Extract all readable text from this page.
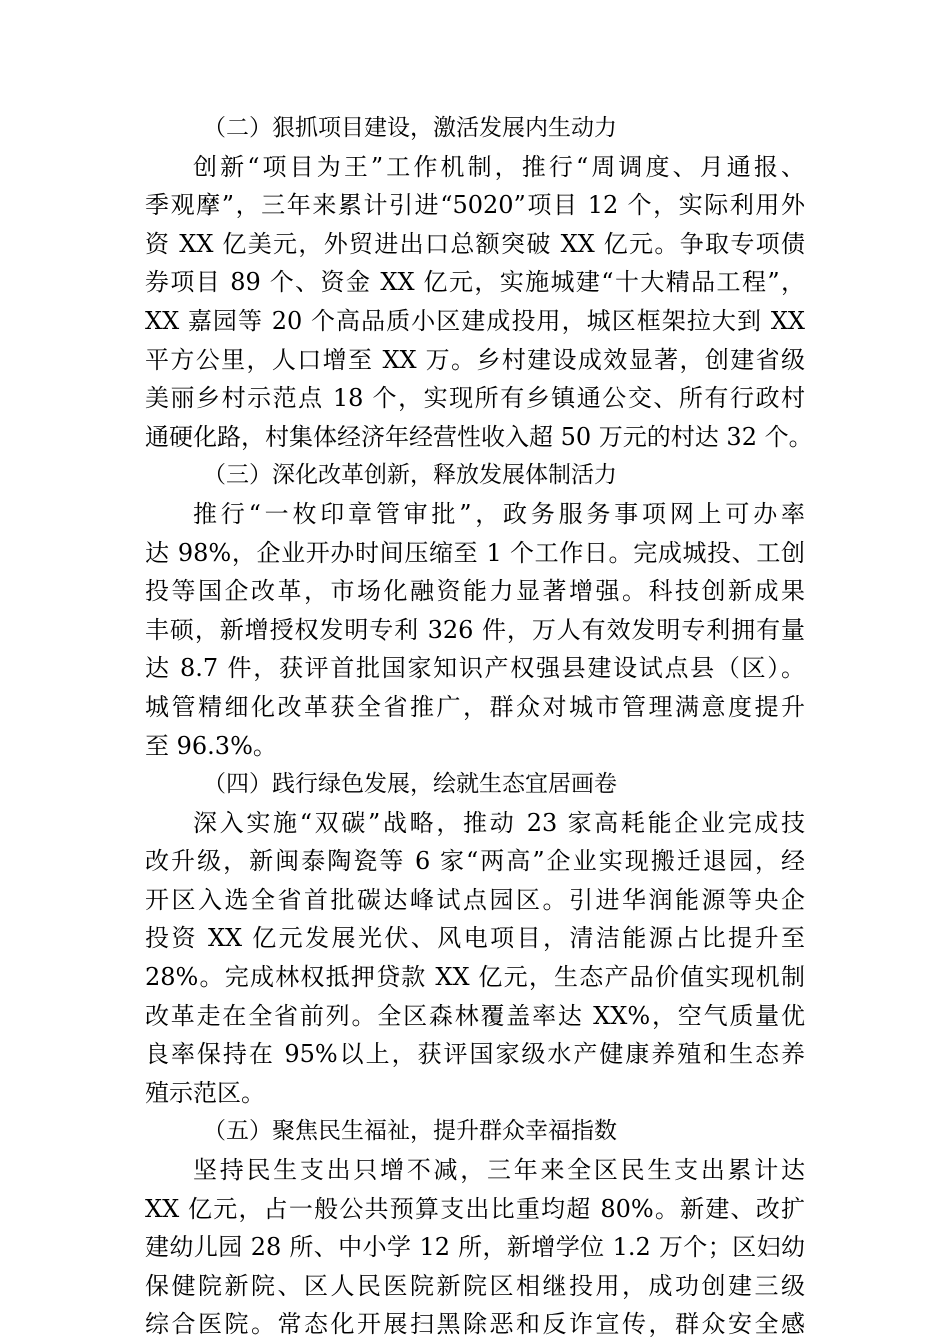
（二）狠抓项目建设，激活发展内生动力
创新“项目为王”工作机制，推行“周调度、月通报、
季观摩”，三年来累计引进“5020”项目 12 个，实际利用外
资 XX 亿美元，外贸进出口总额突破 XX 亿元。争取专项债
券项目 89 个、资金 XX 亿元，实施城建“十大精品工程”，
XX 嘉园等 20 个高品质小区建成投用，城区框架拉大到 XX
平方公里，人口增至 XX 万。乡村建设成效显著，创建省级
美丽乡村示范点 18 个，实现所有乡镇通公交、所有行政村
通硬化路，村集体经济年经营性收入超 50 万元的村达 32 个。
（三）深化改革创新，释放发展体制活力
推行“一枚印章管审批”，政务服务事项网上可办率
达 98%，企业开办时间压缩至 1 个工作日。完成城投、工创
投等国企改革，市场化融资能力显著增强。科技创新成果
丰硕，新增授权发明专利 326 件，万人有效发明专利拥有量
达 8.7 件，获评首批国家知识产权强县建设试点县（区）。
城管精细化改革获全省推广，群众对城市管理满意度提升
至 96.3%。
（四）践行绿色发展，绘就生态宜居画卷
深入实施“双碳”战略，推动 23 家高耗能企业完成技
改升级，新闽泰陶瓷等 6 家“两高”企业实现搬迁退园，经
开区入选全省首批碳达峰试点园区。引进华润能源等央企
投资 XX 亿元发展光伏、风电项目，清洁能源占比提升至
28%。完成林权抵押贷款 XX 亿元，生态产品价值实现机制
改革走在全省前列。全区森林覆盖率达 XX%，空气质量优
良率保持在 95%以上，获评国家级水产健康养殖和生态养
殖示范区。
（五）聚焦民生福祉，提升群众幸福指数
坚持民生支出只增不减，三年来全区民生支出累计达
XX 亿元，占一般公共预算支出比重均超 80%。新建、改扩
建幼儿园 28 所、中小学 12 所，新增学位 1.2 万个；区妇幼
保健院新院、区人民医院新院区相继投用，成功创建三级
综合医院。常态化开展扫黑除恶和反诈宣传，群众安全感
